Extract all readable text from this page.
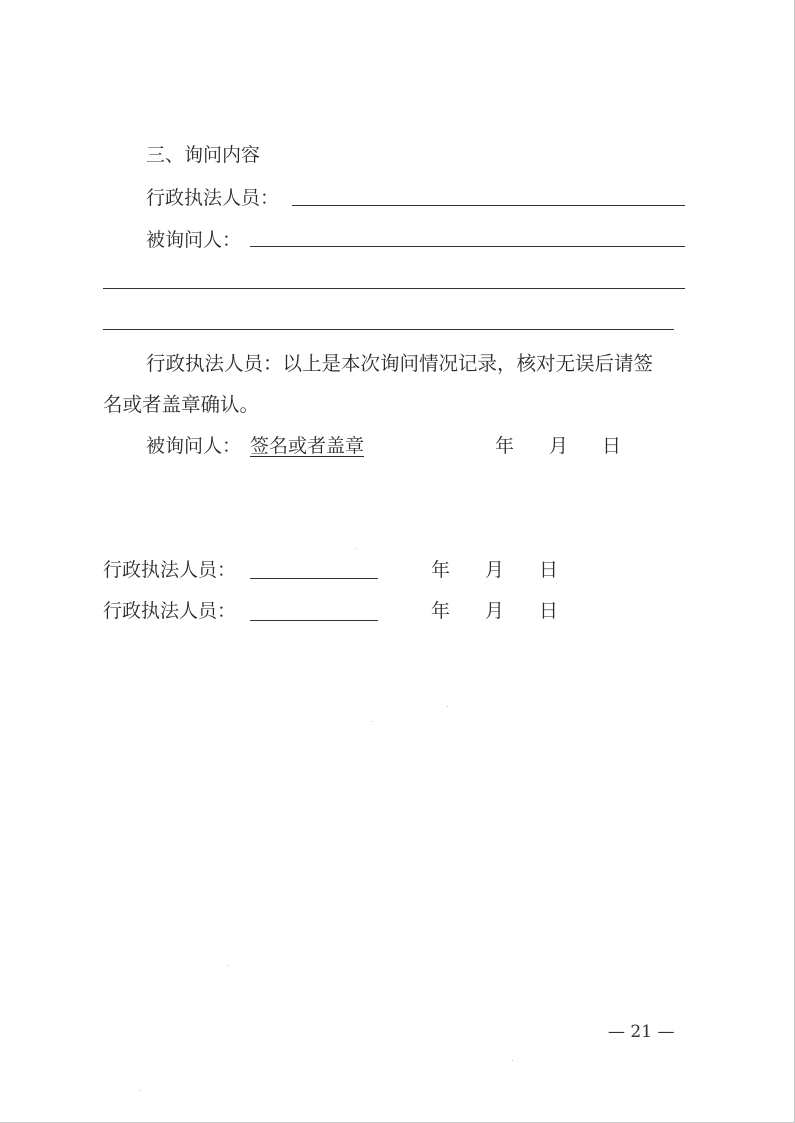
三、询问内容
行政执法人员：
被询问人：
行政执法人员：以上是本次询问情况记录，核对无误后请签
名或者盖章确认。
被询问人： 签名或者盖章	年 月 日
行政执法人员：	年 月 日
行政执法人员：	年 月 日
— 21 —
